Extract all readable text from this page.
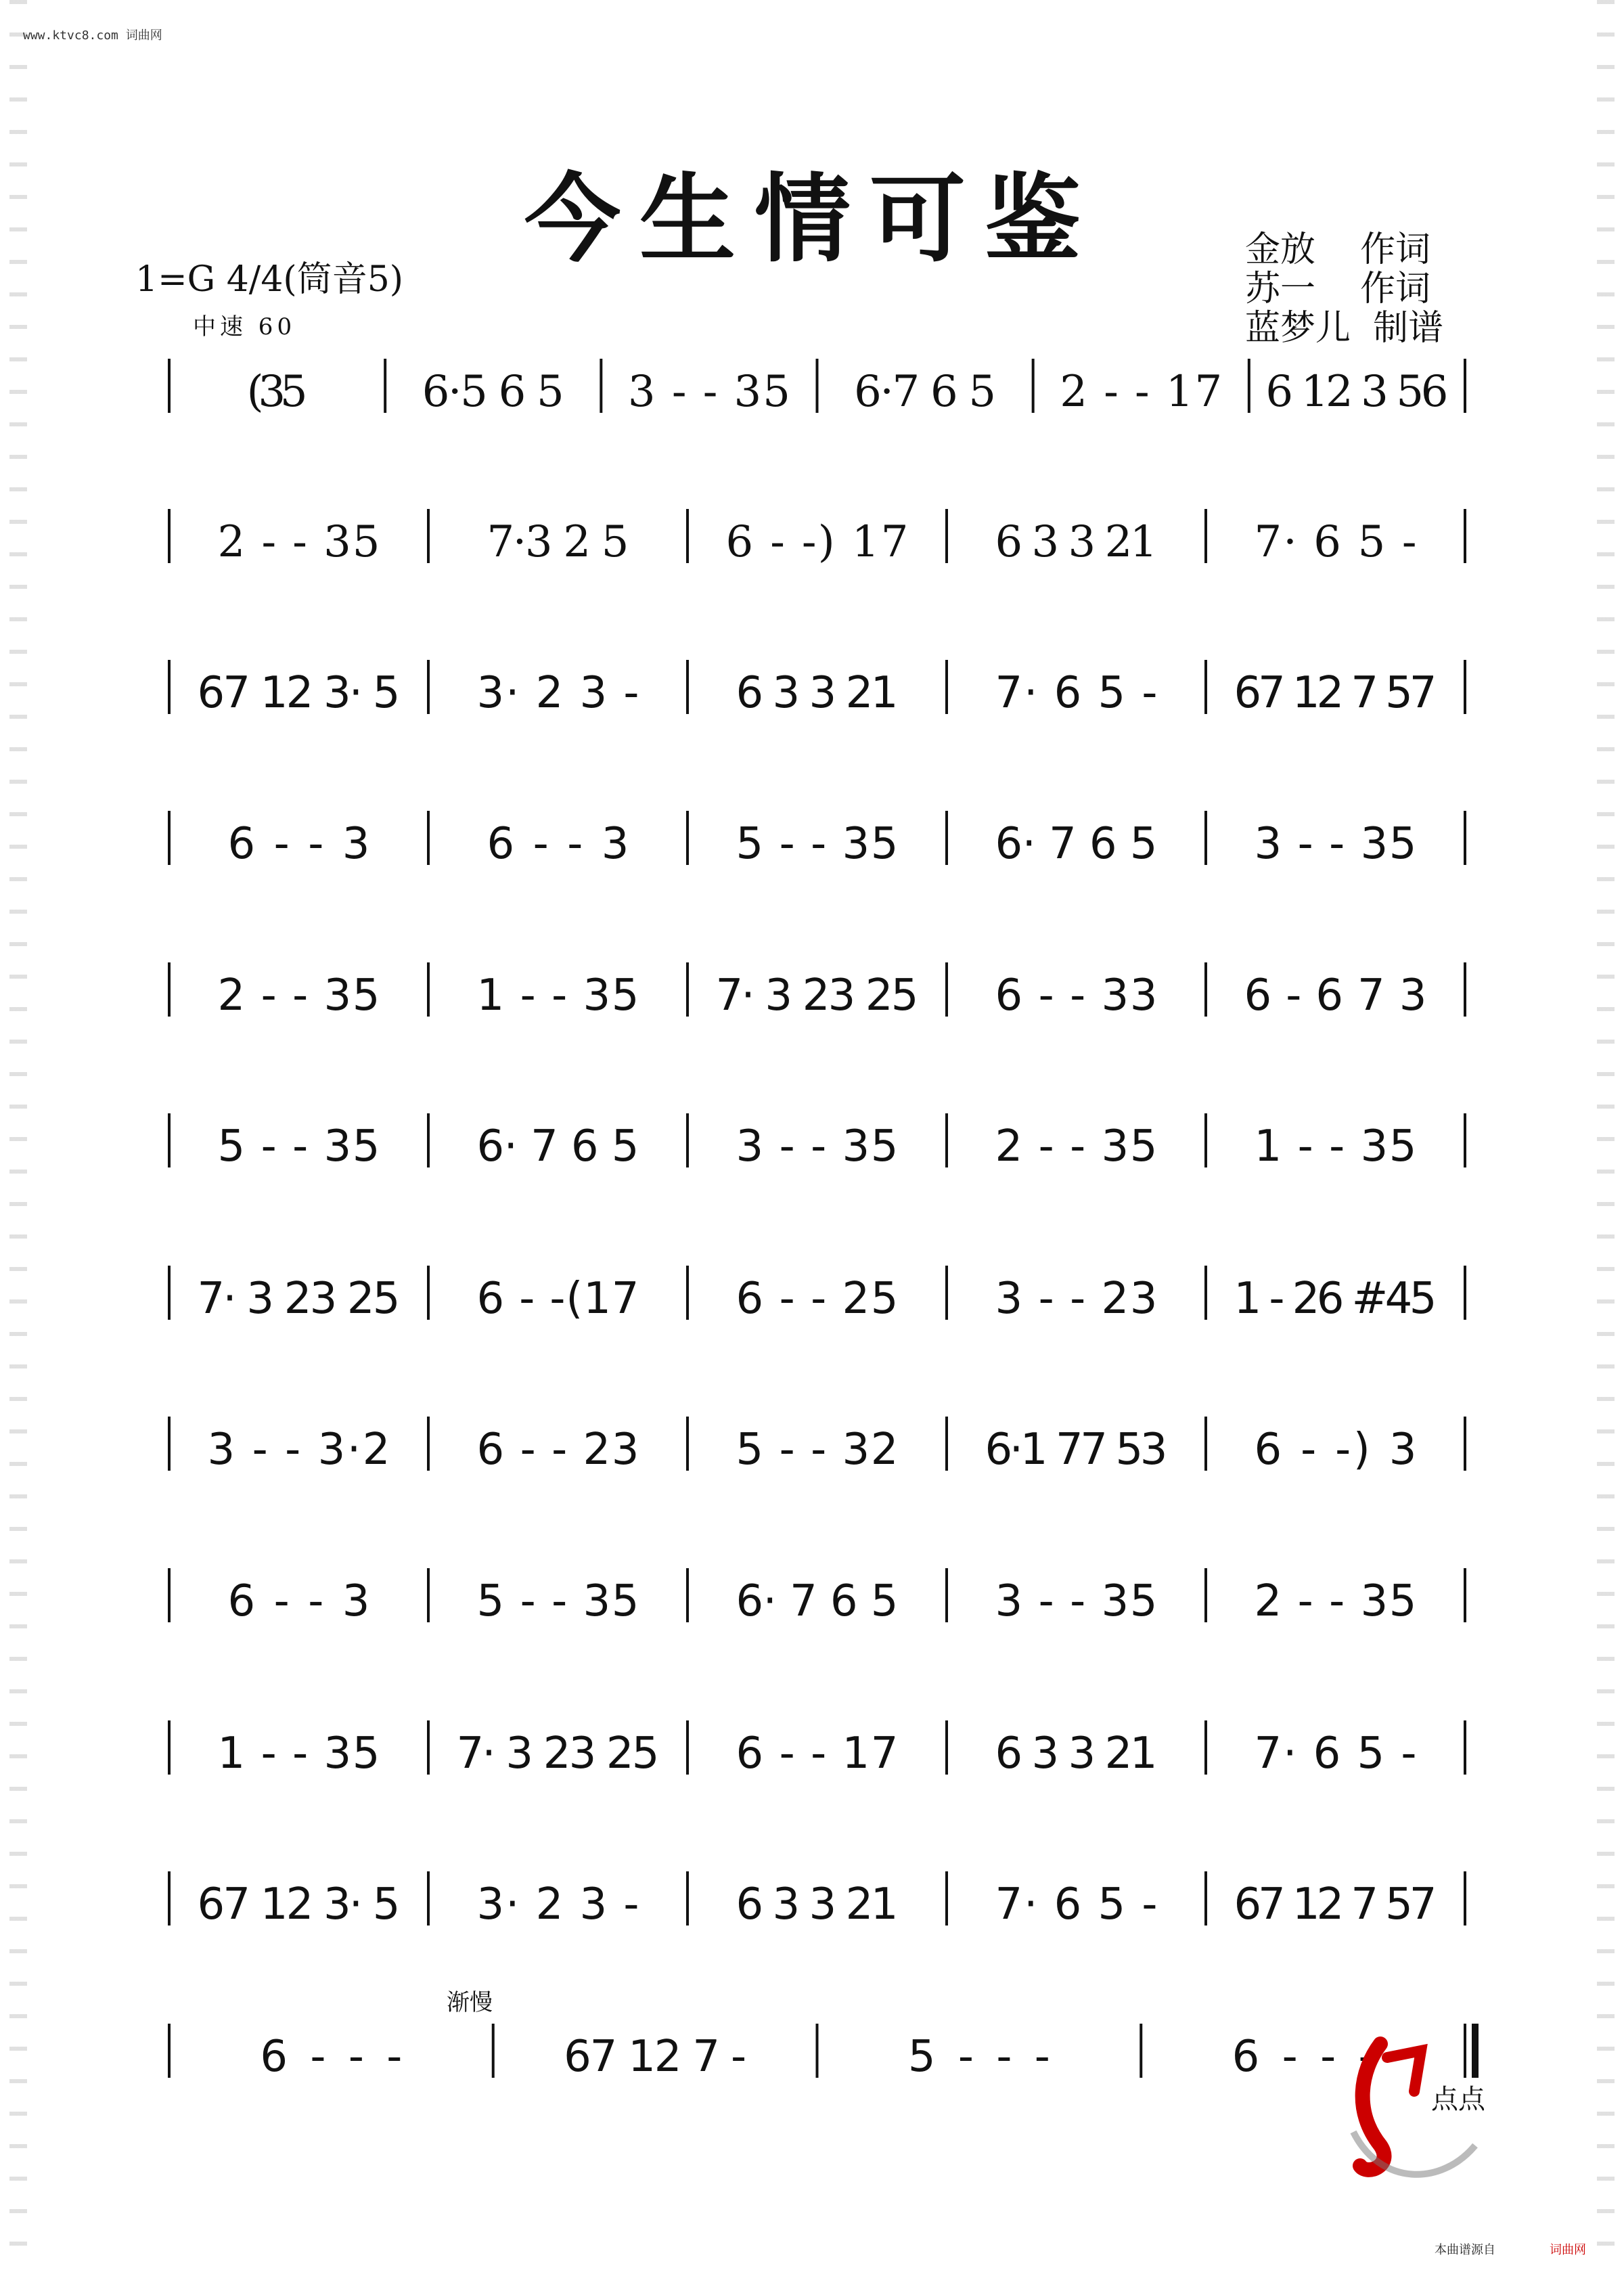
www.ktvc8.com 词曲网
今生情可鉴
1=G 4/4(筒音5)
中速 60
金放 作词
苏一 作词
蓝梦儿 制谱
(35	6·5 6 5 3 - - 35 6·7 6 5 2 - - 17 6 12 3 56
2 - - 35 7·3 2 5 6 - -) 17 6 3 3 21 7· 6 5 -
67 12 3· 5 3· 2 3 - 6 3 3 21 7· 6 5 - 67 12 7 57
6 - - 3	6 - - 3 5 - - 35 6· 7 6 5 3 - - 35
2 - - 35 1 - - 35 7· 3 23 25 6 - - 33 6 - 6 7 3
5 - - 35 6· 7 6 5 3 - - 35 2 - - 35 1 - - 35
7· 3 23 25 6 - -(17 6 - - 25 3 - - 23 1 - 26 #45
3 - - 3·2 6 - - 23 5 - - 32 6·1 77 53 6 - -) 3
6 - - 3 5 - - 35 6· 7 6 5 3 - - 35 2 - - 35
1 - - 35 7· 3 23 25 6 - - 17 6 3 3 21 7· 6 5 -
67 12 3· 5 3· 2 3 - 6 3 3 21 7· 6 5 - 67 12 7 57
6 - - -	67 12 7 -	5 - - -	6 - - -
渐慢
点点
本曲谱源自	词曲网
